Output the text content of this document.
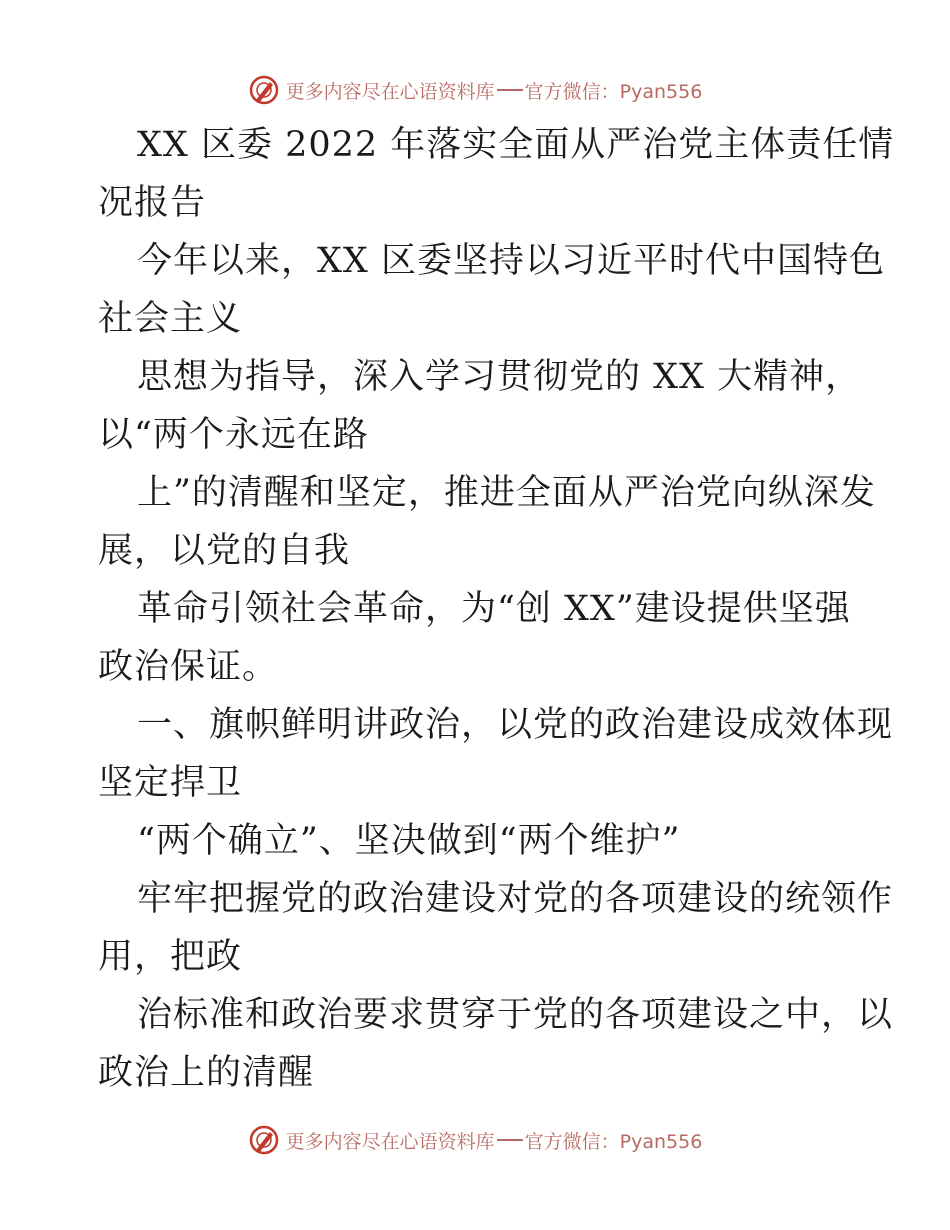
更多内容尽在心语资料库 官方微信：Pyan556
XX 区委 2022 年落实全面从严治党主体责任情
况报告
今年以来，XX 区委坚持以习近平时代中国特色
社会主义
思想为指导，深入学习贯彻党的 XX 大精神，
以“两个永远在路
上”的清醒和坚定，推进全面从严治党向纵深发
展，以党的自我
革命引领社会革命，为“创 XX”建设提供坚强
政治保证。
一、旗帜鲜明讲政治，以党的政治建设成效体现
坚定捍卫
“两个确立”、坚决做到“两个维护”
牢牢把握党的政治建设对党的各项建设的统领作
用，把政
治标准和政治要求贯穿于党的各项建设之中，以
政治上的清醒
更多内容尽在心语资料库 官方微信：Pyan556
